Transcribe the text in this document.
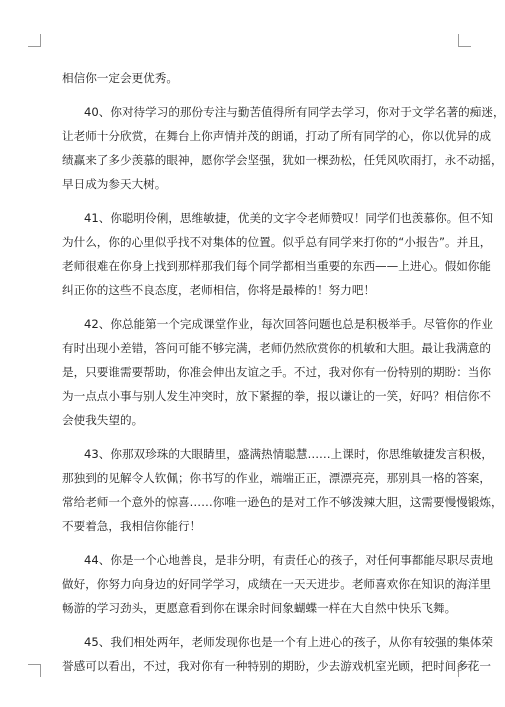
相信你一定会更优秀。
40、你对待学习的那份专注与勤苦值得所有同学去学习，你对于文学名著的痴迷，
让老师十分欣赏，在舞台上你声情并茂的朗诵，打动了所有同学的心，你以优异的成
绩赢来了多少羡慕的眼神，愿你学会坚强，犹如一棵劲松，任凭风吹雨打，永不动摇，
早日成为参天大树。
41、你聪明伶俐，思维敏捷，优美的文字令老师赞叹！同学们也羡慕你。但不知
为什么，你的心里似乎找不对集体的位置。似乎总有同学来打你的“小报告”。并且，
老师很难在你身上找到那样那我们每个同学都相当重要的东西——上进心。假如你能
纠正你的这些不良态度，老师相信，你将是最棒的！努力吧！
42、你总能第一个完成课堂作业，每次回答问题也总是积极举手。尽管你的作业
有时出现小差错，答问可能不够完满，老师仍然欣赏你的机敏和大胆。最让我满意的
是，只要谁需要帮助，你准会伸出友谊之手。不过，我对你有一份特别的期盼：当你
为一点点小事与别人发生冲突时，放下紧握的拳，报以谦让的一笑，好吗？相信你不
会使我失望的。
43、你那双珍珠的大眼睛里，盛满热情聪慧……上课时，你思维敏捷发言积极，
那独到的见解令人钦佩；你书写的作业，端端正正，漂漂亮亮，那别具一格的答案，
常给老师一个意外的惊喜……你唯一逊色的是对工作不够泼辣大胆，这需要慢慢锻炼，
不要着急，我相信你能行！
44、你是一个心地善良，是非分明，有责任心的孩子，对任何事都能尽职尽责地
做好，你努力向身边的好同学学习，成绩在一天天进步。老师喜欢你在知识的海洋里
畅游的学习劲头，更愿意看到你在课余时间象蝴蝶一样在大自然中快乐飞舞。
45、我们相处两年，老师发现你也是一个有上进心的孩子，从你有较强的集体荣
誉感可以看出，不过，我对你有一种特别的期盼，少去游戏机室光顾，把时间多花一
